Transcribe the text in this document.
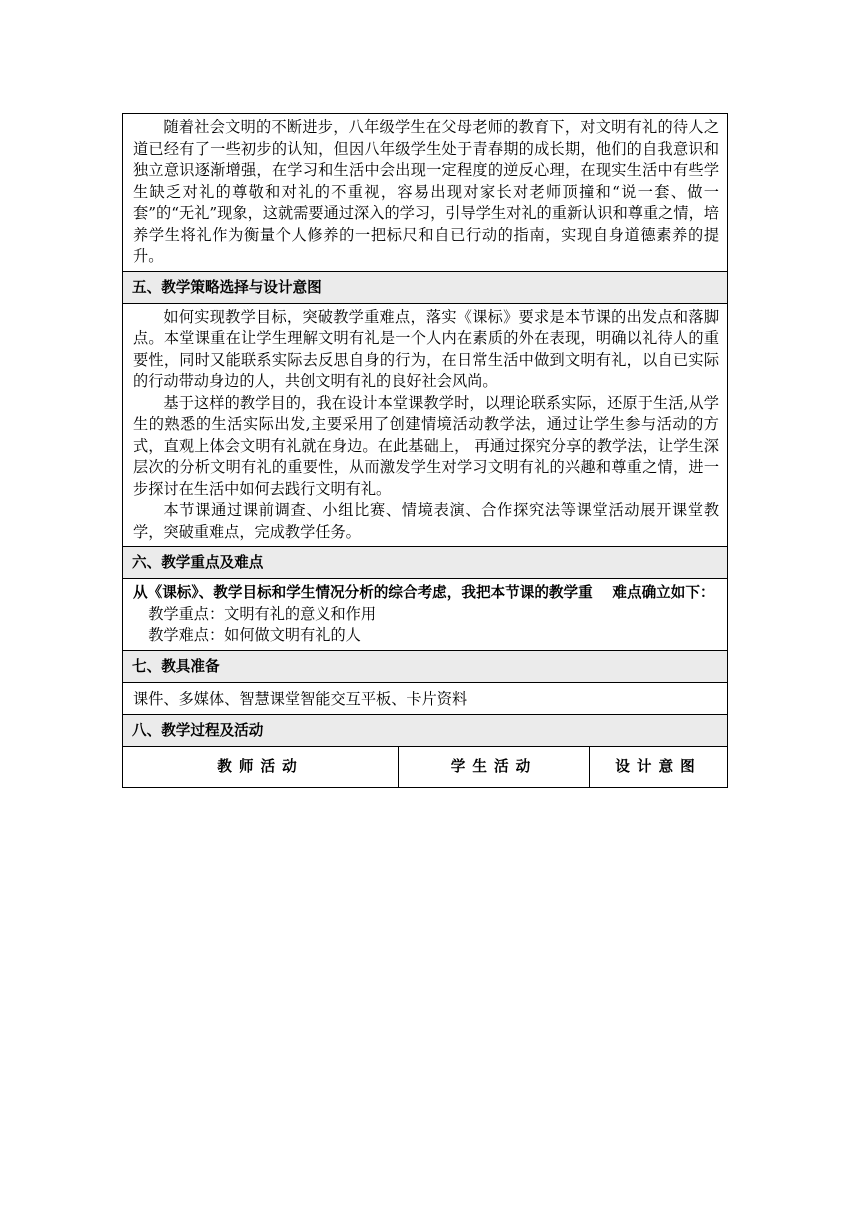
随着社会文明的不断进步，八年级学生在父母老师的教育下，对文明有礼的待人之道已经有了一些初步的认知，但因八年级学生处于青春期的成长期，他们的自我意识和独立意识逐渐增强，在学习和生活中会出现一定程度的逆反心理，在现实生活中有些学生缺乏对礼的尊敬和对礼的不重视，容易出现对家长对老师顶撞和“说一套、做一套”的“无礼”现象，这就需要通过深入的学习，引导学生对礼的重新认识和尊重之情，培养学生将礼作为衡量个人修养的一把标尺和自已行动的指南，实现自身道德素养的提升。

五、教学策略选择与设计意图

如何实现教学目标，突破教学重难点，落实《课标》要求是本节课的出发点和落脚点。本堂课重在让学生理解文明有礼是一个人内在素质的外在表现，明确以礼待人的重要性，同时又能联系实际去反思自身的行为，在日常生活中做到文明有礼，以自已实际的行动带动身边的人，共创文明有礼的良好社会风尚。

基于这样的教学目的，我在设计本堂课教学时，以理论联系实际，还原于生活,从学生的熟悉的生活实际出发,主要采用了创建情境活动教学法，通过让学生参与活动的方式，直观上体会文明有礼就在身边。在此基础上， 再通过探究分享的教学法，让学生深层次的分析文明有礼的重要性，从而激发学生对学习文明有礼的兴趣和尊重之情，进一步探讨在生活中如何去践行文明有礼。

本节课通过课前调查、小组比赛、情境表演、合作探究法等课堂活动展开课堂教学，突破重难点，完成教学任务。

六、教学重点及难点

从《课标》、教学目标和学生情况分析的综合考虑，我把本节课的教学重　 难点确立如下：

教学重点：文明有礼的意义和作用

教学难点：如何做文明有礼的人

七、教具准备
课件、多媒体、智慧课堂智能交互平板、卡片资料
八、教学过程及活动
教师活动	学生活动	设计意图
